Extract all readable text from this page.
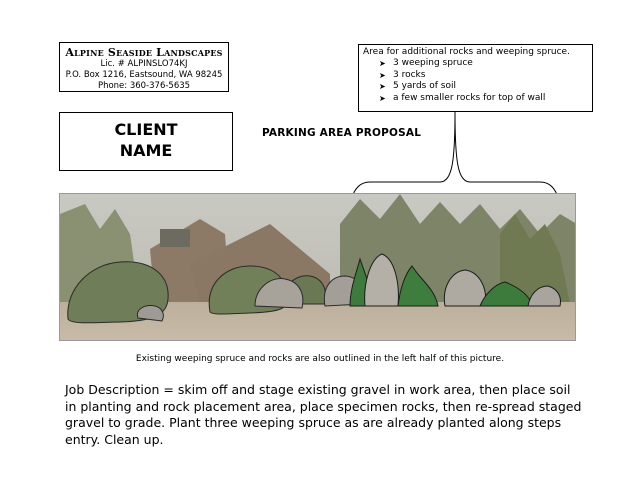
Alpine Seaside Landscapes
Lic. # ALPINSLO74KJ
P.O. Box 1216, Eastsound, WA 98245
Phone: 360-376-5635
CLIENT
NAME
PARKING AREA PROPOSAL
Area for additional rocks and weeping spruce.
➤ 3 weeping spruce
➤ 3 rocks
➤ 5 yards of soil
➤ a few smaller rocks for top of wall
Existing weeping spruce and rocks are also outlined in the left half of this picture.
Job Description = skim off and stage existing gravel in work area, then place soil in planting and rock placement area, place specimen rocks, then re-spread staged gravel to grade. Plant three weeping spruce as are already planted along steps entry. Clean up.
